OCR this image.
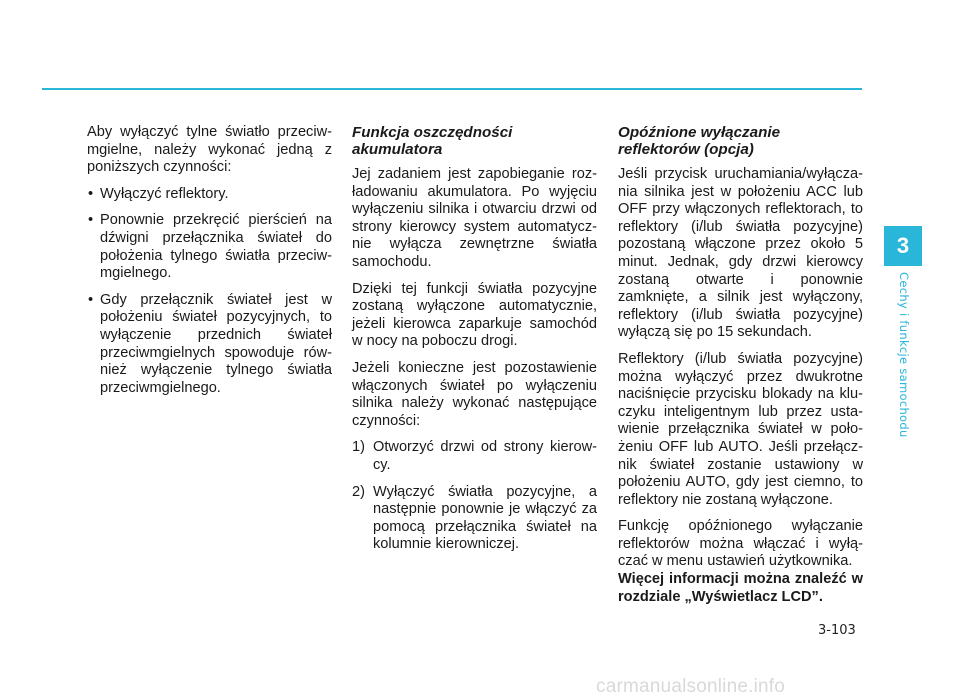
Aby wyłączyć tylne światło przeciw-mgielne, należy wykonać jedną z poniższych czynności:

• Wyłączyć reflektory.
• Ponownie przekręcić pierścień na dźwigni przełącznika świateł do położenia tylnego światła przeciw-mgielnego.
• Gdy przełącznik świateł jest w położeniu świateł pozycyjnych, to wyłączenie przednich świateł przeciwmgielnych spowoduje rów-nież wyłączenie tylnego światła przeciwmgielnego.
Funkcja oszczędności akumulatora

Jej zadaniem jest zapobieganie roz-ładowaniu akumulatora. Po wyjęciu wyłączeniu silnika i otwarciu drzwi od strony kierowcy system automatycz-nie wyłącza zewnętrzne światła samochodu.

Dzięki tej funkcji światła pozycyjne zostaną wyłączone automatycznie, jeżeli kierowca zaparkuje samochód w nocy na poboczu drogi.

Jeżeli konieczne jest pozostawienie włączonych świateł po wyłączeniu silnika należy wykonać następujące czynności:

1) Otworzyć drzwi od strony kierow-cy.
2) Wyłączyć światła pozycyjne, a następnie ponownie je włączyć za pomocą przełącznika świateł na kolumnie kierowniczej.
Opóźnione wyłączanie reflektorów (opcja)

Jeśli przycisk uruchamiania/wyłącza-nia silnika jest w położeniu ACC lub OFF przy włączonych reflektorach, to reflektory (i/lub światła pozycyjne) pozostaną włączone przez około 5 minut. Jednak, gdy drzwi kierowcy zostaną otwarte i ponownie zamknięte, a silnik jest wyłączony, reflektory (i/lub światła pozycyjne) wyłączą się po 15 sekundach.

Reflektory (i/lub światła pozycyjne) można wyłączyć przez dwukrotne naciśnięcie przycisku blokady na klu-czyku inteligentnym lub przez usta-wienie przełącznika świateł w poło-żeniu OFF lub AUTO. Jeśli przełącz-nik świateł zostanie ustawiony w położeniu AUTO, gdy jest ciemno, to reflektory nie zostaną wyłączone.

Funkcję opóźnionego wyłączanie reflektorów można włączać i wyłą-czać w menu ustawień użytkownika.

Więcej informacji można znaleźć w rozdziale „Wyświetlacz LCD”.

3
Cechy i funkcje samochodu
3-103
carmanualsonline.info
